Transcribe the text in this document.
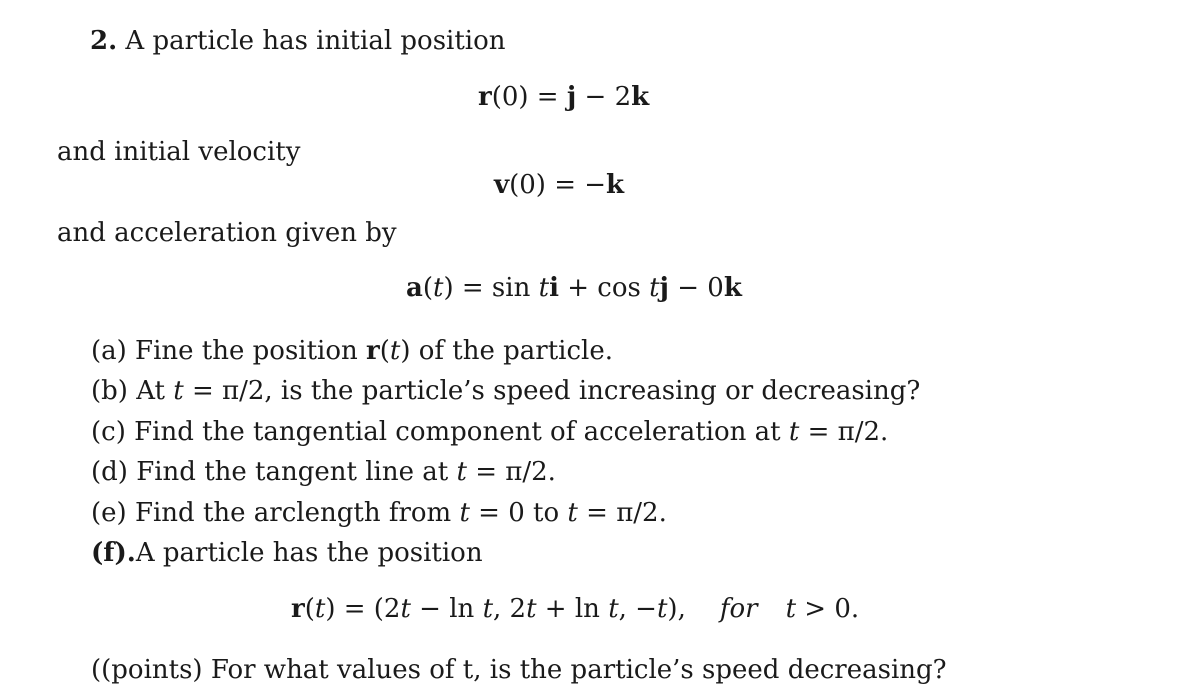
2. A particle has initial position
r(0) = j − 2k
and initial velocity
v(0) = −k
and acceleration given by
a(t) = sin ti + cos tj − 0k
(a) Fine the position r(t) of the particle.
(b) At t = π/2, is the particle’s speed increasing or decreasing?
(c) Find the tangential component of acceleration at t = π/2.
(d) Find the tangent line at t = π/2.
(e) Find the arclength from t = 0 to t = π/2.
(f).A particle has the position
r(t) = (2t − ln t, 2t + ln t, −t), for t > 0.
((points) For what values of t, is the particle’s speed decreasing?
